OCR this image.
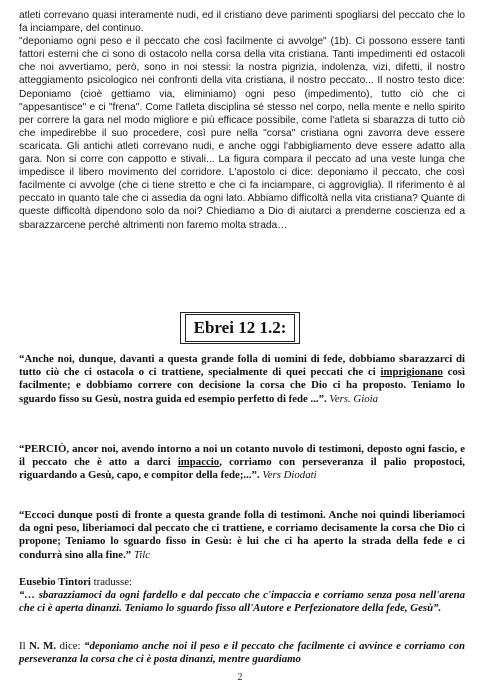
atleti correvano quasi interamente nudi, ed il cristiano deve parimenti spogliarsi del peccato che lo fa inciampare, del continuo.

"deponiamo ogni peso e il peccato che così facilmente ci avvolge" (1b). Ci possono essere tanti fattori esterni che ci sono di ostacolo nella corsa della vita cristiana. Tanti impedimenti ed ostacoli che noi avvertiamo, però, sono in noi stessi: la nostra pigrizia, indolenza, vizi, difetti, il nostro atteggiamento psicologico nei confronti della vita cristiana, il nostro peccato... Il nostro testo dice: Deponiamo (cioè gettiamo via, eliminiamo) ogni peso (impedimento), tutto ciò che ci "appesantisce" e ci "frena". Come l'atleta disciplina sé stesso nel corpo, nella mente e nello spirito per correre la gara nel modo migliore e più efficace possibile, come l'atleta si sbarazza di tutto ciò che impedirebbe il suo procedere, così pure nella "corsa" cristiana ogni zavorra deve essere scaricata. Gli antichi atleti correvano nudi, e anche oggi l'abbigliamento deve essere adatto alla gara. Non si corre con cappotto e stivali... La figura compara il peccato ad una veste lunga che impedisce il libero movimento del corridore. L'apostolo ci dice: deponiamo il peccato, che così facilmente ci avvolge (che ci tiene stretto e che ci fa inciampare, ci aggroviglia). Il riferimento è al peccato in quanto tale che ci assedia da ogni lato. Abbiamo difficoltà nella vita cristiana? Quante di queste difficoltà dipendono solo da noi? Chiediamo a Dio di aiutarci a prenderne coscienza ed a sbarazzarcene perché altrimenti non faremo molta strada…

Ebrei 12 1.2:

“Anche noi, dunque, davanti a questa grande folla di uomini di fede, dobbiamo sbarazzarci di tutto ciò che ci ostacola o ci trattiene, specialmente di quei peccati che ci imprigionano così facilmente; e dobbiamo correre con decisione la corsa che Dio ci ha proposto. Teniamo lo sguardo fisso su Gesù, nostra guida ed esempio perfetto di fede ...”. Vers. Gioia

“PERCIÒ, ancor noi, avendo intorno a noi un cotanto nuvolo di testimoni, deposto ogni fascio, e il peccato che è atto a darci impaccio, corriamo con perseveranza il palio propostoci, riguardando a Gesù, capo, e compitor della fede;...”. Vers Diodati

“Eccoci dunque posti di fronte a questa grande folla di testimoni. Anche noi quindi liberiamoci da ogni peso, liberiamoci dal peccato che ci trattiene, e corriamo decisamente la corsa che Dio ci propone; Teniamo lo sguardo fisso in Gesù: è lui che ci ha aperto la strada della fede e ci condurrà sino alla fine.” Tilc

Eusebio Tintori tradusse:

“… sbarazziamoci da ogni fardello e dal peccato che c'impaccia e corriamo senza posa nell'arena che ci è aperta dinanzi. Teniamo lo sguardo fisso all'Autore e Perfezionatore della fede, Gesù”.

Il N. M. dice: “deponiamo anche noi il peso e il peccato che facilmente ci avvince e corriamo con perseveranza la corsa che ci è posta dinanzi, mentre guardiamo

2
